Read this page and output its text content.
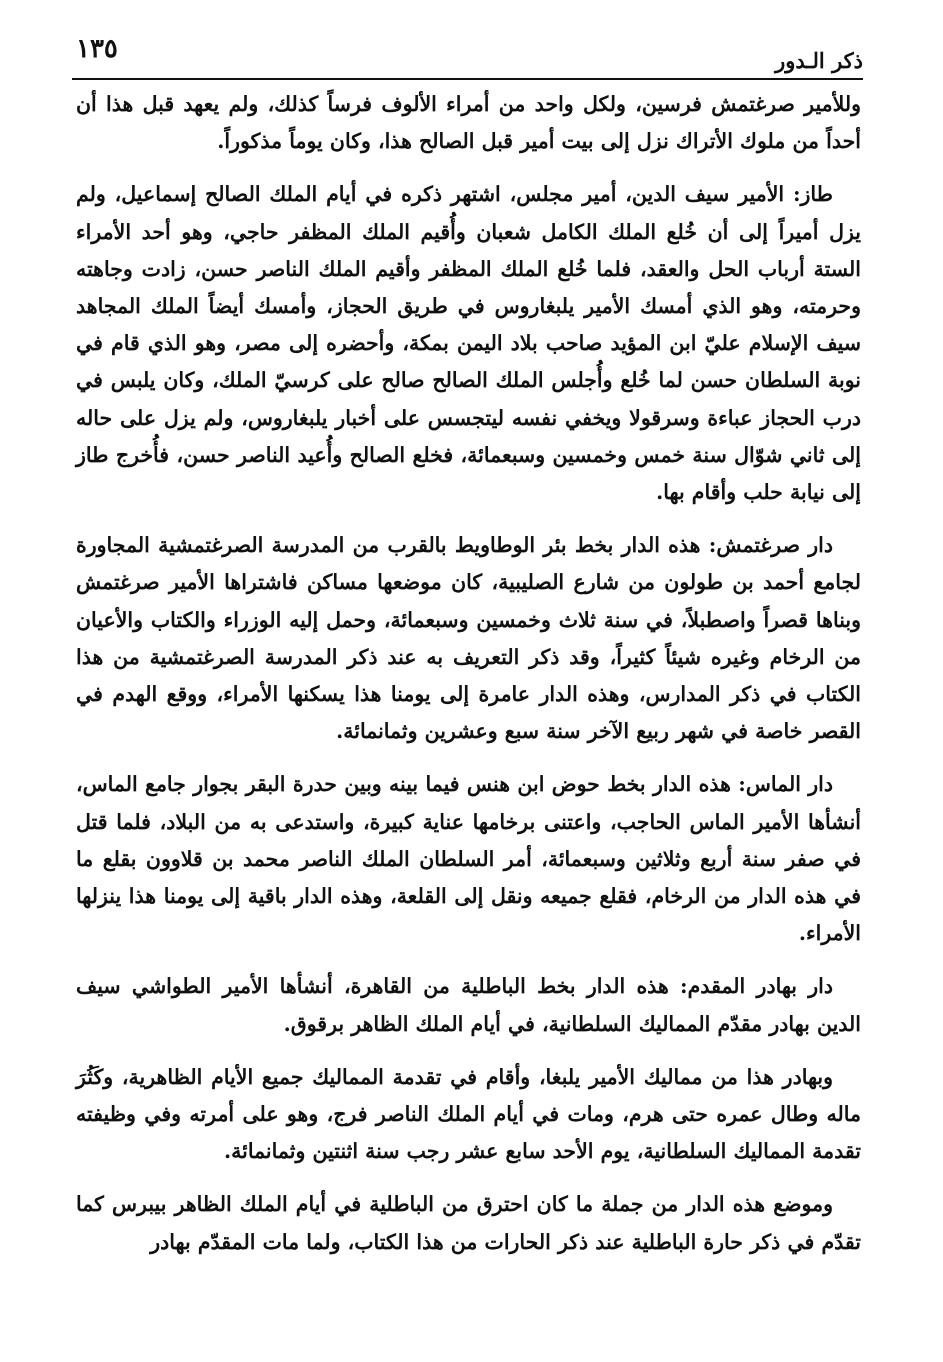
ذكر الـدور
١٣٥

وللأمير صرغتمش فرسين، ولكل واحد من أمراء الألوف فرساً كذلك، ولم يعهد قبل هذا أن أحداً من ملوك الأتراك نزل إلى بيت أمير قبل الصالح هذا، وكان يوماً مذكوراً.

طاز: الأمير سيف الدين، أمير مجلس، اشتهر ذكره في أيام الملك الصالح إسماعيل، ولم يزل أميراً إلى أن خُلع الملك الكامل شعبان وأُقيم الملك المظفر حاجي، وهو أحد الأمراء الستة أرباب الحل والعقد، فلما خُلع الملك المظفر وأقيم الملك الناصر حسن، زادت وجاهته وحرمته، وهو الذي أمسك الأمير يلبغاروس في طريق الحجاز، وأمسك أيضاً الملك المجاهد سيف الإسلام عليّ ابن المؤيد صاحب بلاد اليمن بمكة، وأحضره إلى مصر، وهو الذي قام في نوبة السلطان حسن لما خُلع وأُجلس الملك الصالح صالح على كرسيّ الملك، وكان يلبس في درب الحجاز عباءة وسرقولا ويخفي نفسه ليتجسس على أخبار يلبغاروس، ولم يزل على حاله إلى ثاني شوّال سنة خمس وخمسين وسبعمائة، فخلع الصالح وأُعيد الناصر حسن، فأُخرج طاز إلى نيابة حلب وأقام بها.

دار صرغتمش: هذه الدار بخط بئر الوطاويط بالقرب من المدرسة الصرغتمشية المجاورة لجامع أحمد بن طولون من شارع الصليبية، كان موضعها مساكن فاشتراها الأمير صرغتمش وبناها قصراً واصطبلاً، في سنة ثلاث وخمسين وسبعمائة، وحمل إليه الوزراء والكتاب والأعيان من الرخام وغيره شيئاً كثيراً، وقد ذكر التعريف به عند ذكر المدرسة الصرغتمشية من هذا الكتاب في ذكر المدارس، وهذه الدار عامرة إلى يومنا هذا يسكنها الأمراء، ووقع الهدم في القصر خاصة في شهر ربيع الآخر سنة سبع وعشرين وثمانمائة.

دار الماس: هذه الدار بخط حوض ابن هنس فيما بينه وبين حدرة البقر بجوار جامع الماس، أنشأها الأمير الماس الحاجب، واعتنى برخامها عناية كبيرة، واستدعى به من البلاد، فلما قتل في صفر سنة أربع وثلاثين وسبعمائة، أمر السلطان الملك الناصر محمد بن قلاوون بقلع ما في هذه الدار من الرخام، فقلع جميعه ونقل إلى القلعة، وهذه الدار باقية إلى يومنا هذا ينزلها الأمراء.

دار بهادر المقدم: هذه الدار بخط الباطلية من القاهرة، أنشأها الأمير الطواشي سيف الدين بهادر مقدّم المماليك السلطانية، في أيام الملك الظاهر برقوق.

وبهادر هذا من مماليك الأمير يلبغا، وأقام في تقدمة المماليك جميع الأيام الظاهرية، وكَثُرَ ماله وطال عمره حتى هرم، ومات في أيام الملك الناصر فرج، وهو على أمرته وفي وظيفته تقدمة المماليك السلطانية، يوم الأحد سابع عشر رجب سنة اثنتين وثمانمائة.

وموضع هذه الدار من جملة ما كان احترق من الباطلية في أيام الملك الظاهر بيبرس كما تقدّم في ذكر حارة الباطلية عند ذكر الحارات من هذا الكتاب، ولما مات المقدّم بهادر
